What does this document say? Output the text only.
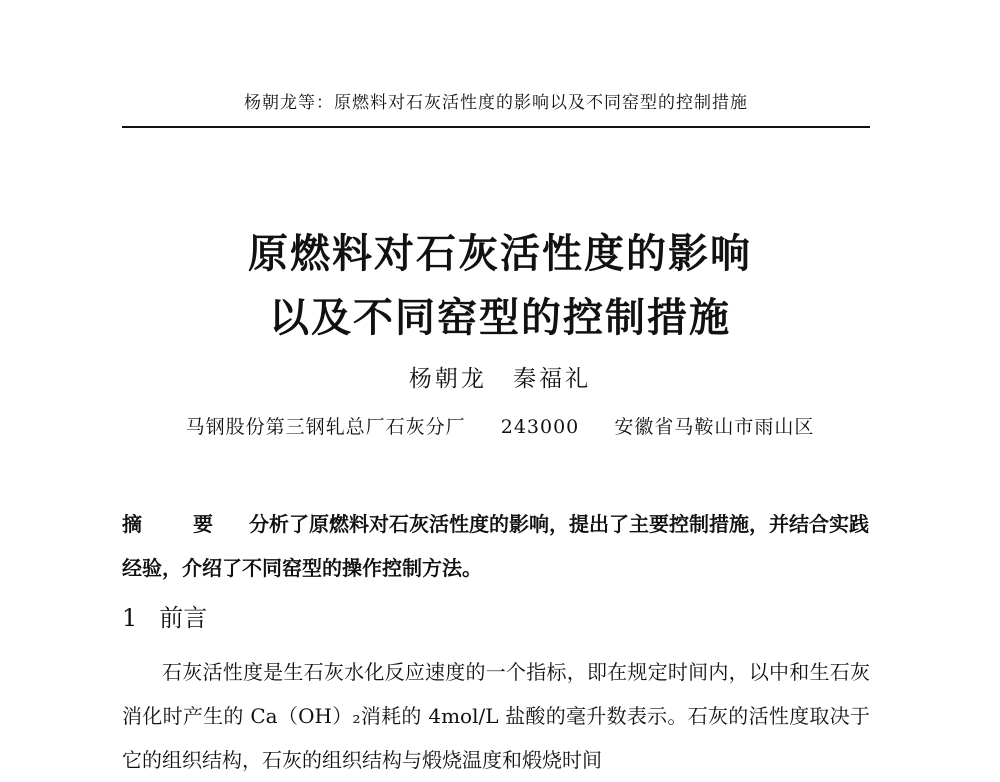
杨朝龙等：原燃料对石灰活性度的影响以及不同窑型的控制措施
原燃料对石灰活性度的影响
以及不同窑型的控制措施
杨朝龙 秦福礼
马钢股份第三钢轧总厂石灰分厂 243000 安徽省马鞍山市雨山区
摘 要 分析了原燃料对石灰活性度的影响，提出了主要控制措施，并结合实践经验，介绍了不同窑型的操作控制方法。
1 前言
石灰活性度是生石灰水化反应速度的一个指标，即在规定时间内，以中和生石灰消化时产生的 Ca（OH）₂消耗的 4mol/L 盐酸的毫升数表示。石灰的活性度取决于它的组织结构，石灰的组织结构与煅烧温度和煅烧时间
